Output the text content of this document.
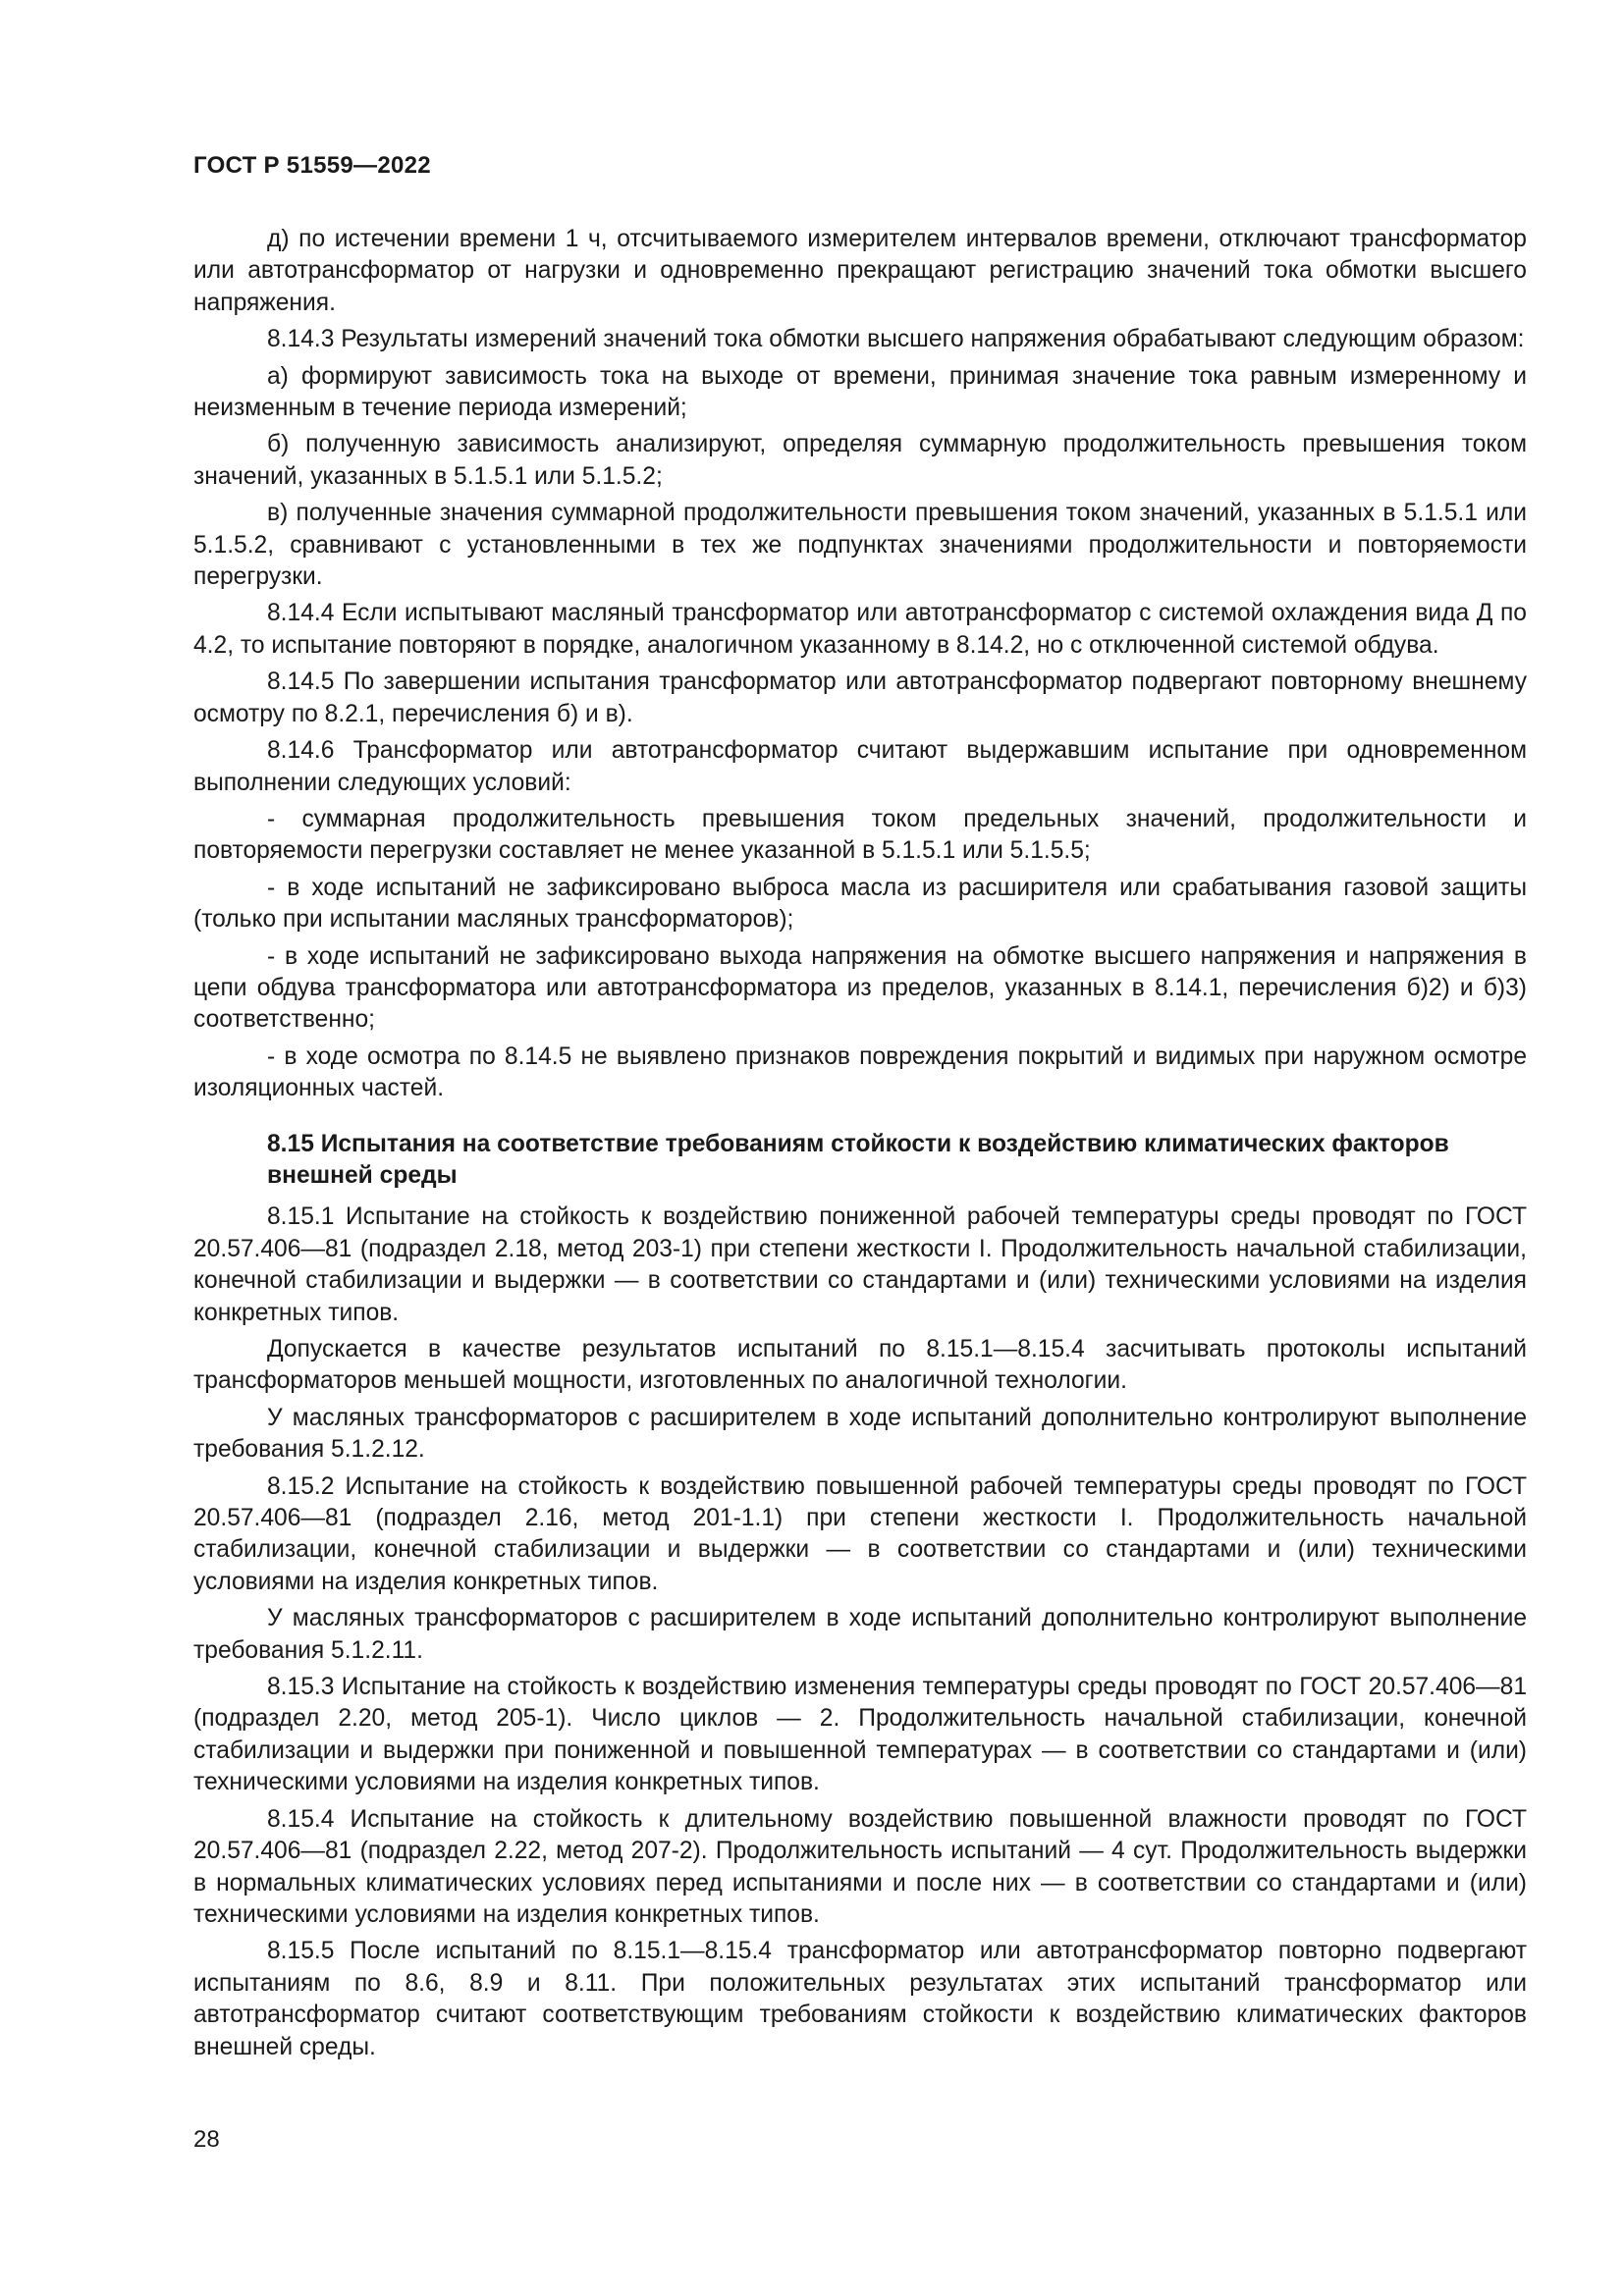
ГОСТ Р 51559—2022

д) по истечении времени 1 ч, отсчитываемого измерителем интервалов времени, отключают трансформатор или автотрансформатор от нагрузки и одновременно прекращают регистрацию значений тока обмотки высшего напряжения.

8.14.3 Результаты измерений значений тока обмотки высшего напряжения обрабатывают следующим образом:

а) формируют зависимость тока на выходе от времени, принимая значение тока равным измеренному и неизменным в течение периода измерений;

б) полученную зависимость анализируют, определяя суммарную продолжительность превышения током значений, указанных в 5.1.5.1 или 5.1.5.2;

в) полученные значения суммарной продолжительности превышения током значений, указанных в 5.1.5.1 или 5.1.5.2, сравнивают с установленными в тех же подпунктах значениями продолжительности и повторяемости перегрузки.

8.14.4 Если испытывают масляный трансформатор или автотрансформатор с системой охлаждения вида Д по 4.2, то испытание повторяют в порядке, аналогичном указанному в 8.14.2, но с отключенной системой обдува.

8.14.5 По завершении испытания трансформатор или автотрансформатор подвергают повторному внешнему осмотру по 8.2.1, перечисления б) и в).

8.14.6 Трансформатор или автотрансформатор считают выдержавшим испытание при одновременном выполнении следующих условий:

- суммарная продолжительность превышения током предельных значений, продолжительности и повторяемости перегрузки составляет не менее указанной в 5.1.5.1 или 5.1.5.5;

- в ходе испытаний не зафиксировано выброса масла из расширителя или срабатывания газовой защиты (только при испытании масляных трансформаторов);

- в ходе испытаний не зафиксировано выхода напряжения на обмотке высшего напряжения и напряжения в цепи обдува трансформатора или автотрансформатора из пределов, указанных в 8.14.1, перечисления б)2) и б)3) соответственно;

- в ходе осмотра по 8.14.5 не выявлено признаков повреждения покрытий и видимых при наружном осмотре изоляционных частей.

8.15 Испытания на соответствие требованиям стойкости к воздействию климатических факторов внешней среды

8.15.1 Испытание на стойкость к воздействию пониженной рабочей температуры среды проводят по ГОСТ 20.57.406—81 (подраздел 2.18, метод 203-1) при степени жесткости I. Продолжительность начальной стабилизации, конечной стабилизации и выдержки — в соответствии со стандартами и (или) техническими условиями на изделия конкретных типов.

Допускается в качестве результатов испытаний по 8.15.1—8.15.4 засчитывать протоколы испытаний трансформаторов меньшей мощности, изготовленных по аналогичной технологии.

У масляных трансформаторов с расширителем в ходе испытаний дополнительно контролируют выполнение требования 5.1.2.12.

8.15.2 Испытание на стойкость к воздействию повышенной рабочей температуры среды проводят по ГОСТ 20.57.406—81 (подраздел 2.16, метод 201-1.1) при степени жесткости I. Продолжительность начальной стабилизации, конечной стабилизации и выдержки — в соответствии со стандартами и (или) техническими условиями на изделия конкретных типов.

У масляных трансформаторов с расширителем в ходе испытаний дополнительно контролируют выполнение требования 5.1.2.11.

8.15.3 Испытание на стойкость к воздействию изменения температуры среды проводят по ГОСТ 20.57.406—81 (подраздел 2.20, метод 205-1). Число циклов — 2. Продолжительность начальной стабилизации, конечной стабилизации и выдержки при пониженной и повышенной температурах — в соответствии со стандартами и (или) техническими условиями на изделия конкретных типов.

8.15.4 Испытание на стойкость к длительному воздействию повышенной влажности проводят по ГОСТ 20.57.406—81 (подраздел 2.22, метод 207-2). Продолжительность испытаний — 4 сут. Продолжительность выдержки в нормальных климатических условиях перед испытаниями и после них — в соответствии со стандартами и (или) техническими условиями на изделия конкретных типов.

8.15.5 После испытаний по 8.15.1—8.15.4 трансформатор или автотрансформатор повторно подвергают испытаниям по 8.6, 8.9 и 8.11. При положительных результатах этих испытаний трансформатор или автотрансформатор считают соответствующим требованиям стойкости к воздействию климатических факторов внешней среды.

28
